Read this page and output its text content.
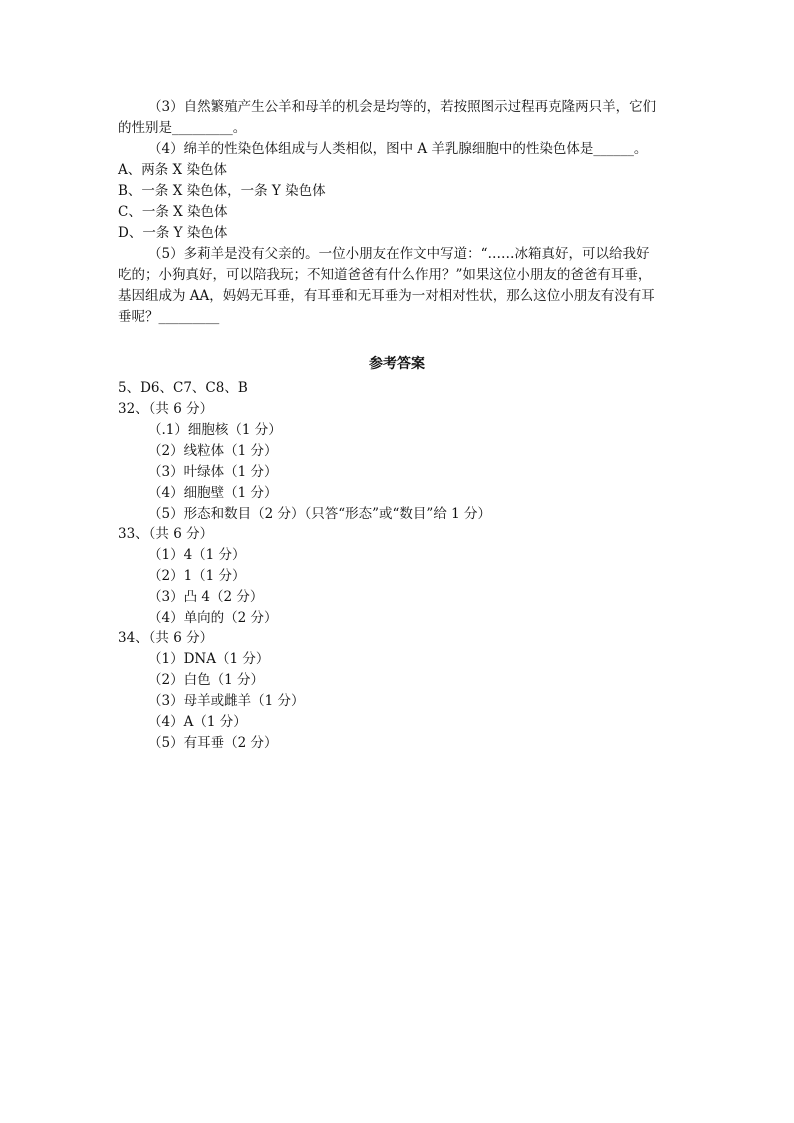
（3）自然繁殖产生公羊和母羊的机会是均等的，若按照图示过程再克隆两只羊，它们
的性别是_________。
（4）绵羊的性染色体组成与人类相似，图中 A 羊乳腺细胞中的性染色体是______。
A、两条 X 染色体
B、一条 X 染色体，一条 Y 染色体
C、一条 X 染色体
D、一条 Y 染色体
（5）多莉羊是没有父亲的。一位小朋友在作文中写道：“……冰箱真好，可以给我好
吃的；小狗真好，可以陪我玩；不知道爸爸有什么作用？”如果这位小朋友的爸爸有耳垂，
基因组成为 AA，妈妈无耳垂，有耳垂和无耳垂为一对相对性状，那么这位小朋友有没有耳
垂呢？_________
参考答案
5、D6、C7、C8、B
32、（共 6 分）
（.1）细胞核（1 分）
（2）线粒体（1 分）
（3）叶绿体（1 分）
（4）细胞壁（1 分）
（5）形态和数目（2 分）（只答“形态”或“数目”给 1 分）
33、（共 6 分）
（1）4（1 分）
（2）1（1 分）
（3）凸 4（2 分）
（4）单向的（2 分）
34、（共 6 分）
（1）DNA（1 分）
（2）白色（1 分）
（3）母羊或雌羊（1 分）
（4）A（1 分）
（5）有耳垂（2 分）
